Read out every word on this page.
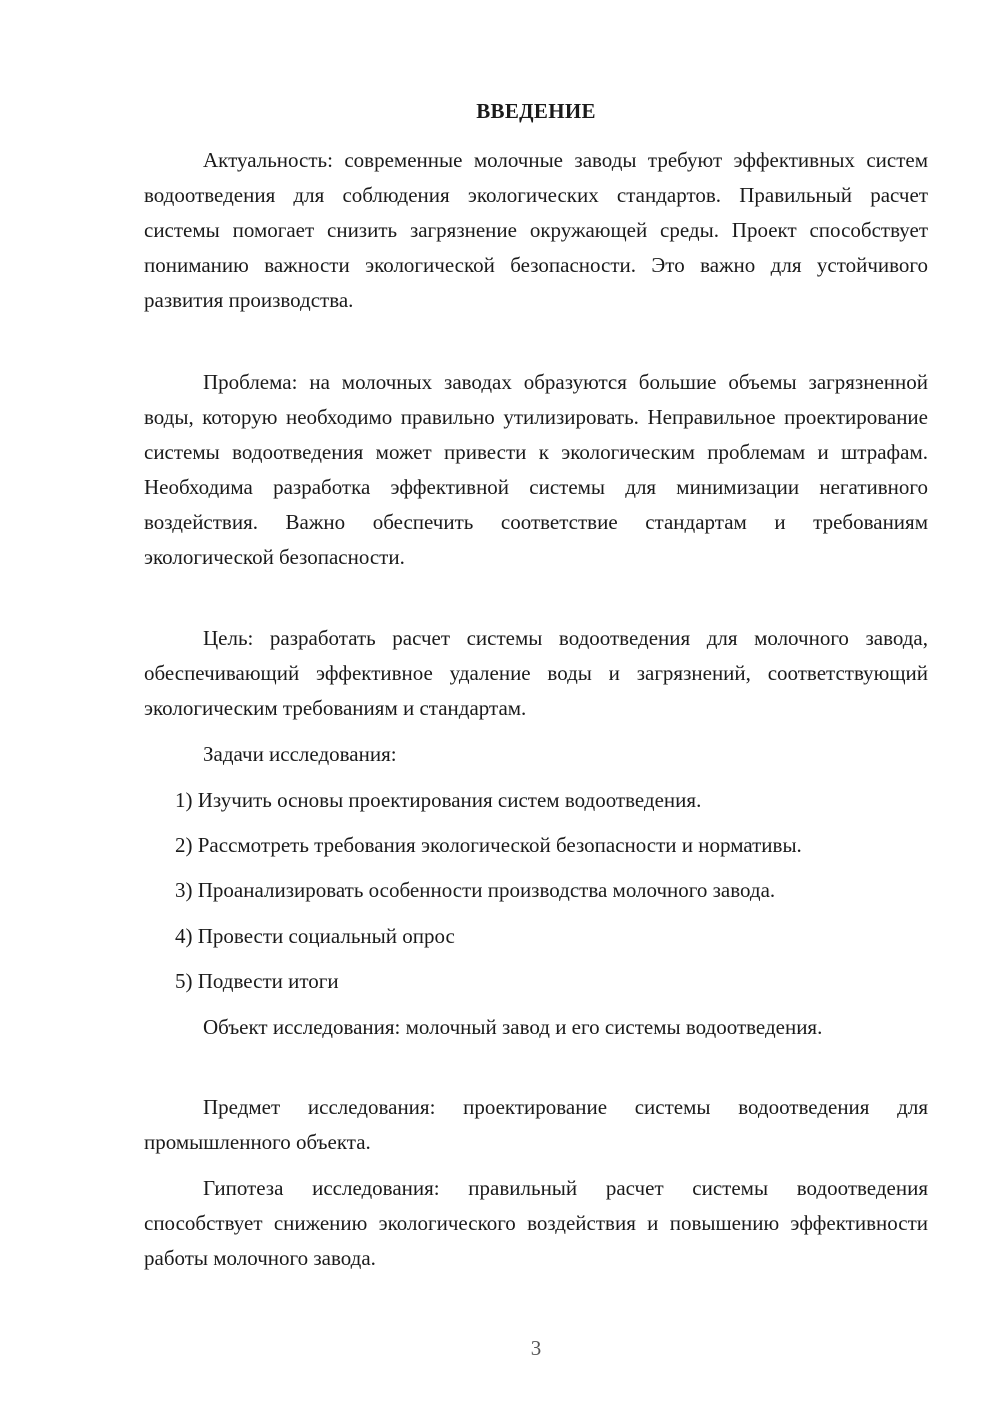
ВВЕДЕНИЕ

Актуальность: современные молочные заводы требуют эффективных систем водоотведения для соблюдения экологических стандартов. Правильный расчет системы помогает снизить загрязнение окружающей среды. Проект способствует пониманию важности экологической безопасности. Это важно для устойчивого развития производства.

Проблема: на молочных заводах образуются большие объемы загрязненной воды, которую необходимо правильно утилизировать. Неправильное проектирование системы водоотведения может привести к экологическим проблемам и штрафам. Необходима разработка эффективной системы для минимизации негативного воздействия. Важно обеспечить соответствие стандартам и требованиям экологической безопасности.

Цель: разработать расчет системы водоотведения для молочного завода, обеспечивающий эффективное удаление воды и загрязнений, соответствующий экологическим требованиям и стандартам.

Задачи исследования:

1) Изучить основы проектирования систем водоотведения.

2) Рассмотреть требования экологической безопасности и нормативы.

3) Проанализировать особенности производства молочного завода.

4) Провести социальный опрос

5) Подвести итоги

Объект исследования: молочный завод и его системы водоотведения.

Предмет исследования: проектирование системы водоотведения для промышленного объекта.

Гипотеза исследования: правильный расчет системы водоотведения способствует снижению экологического воздействия и повышению эффективности работы молочного завода.

3
